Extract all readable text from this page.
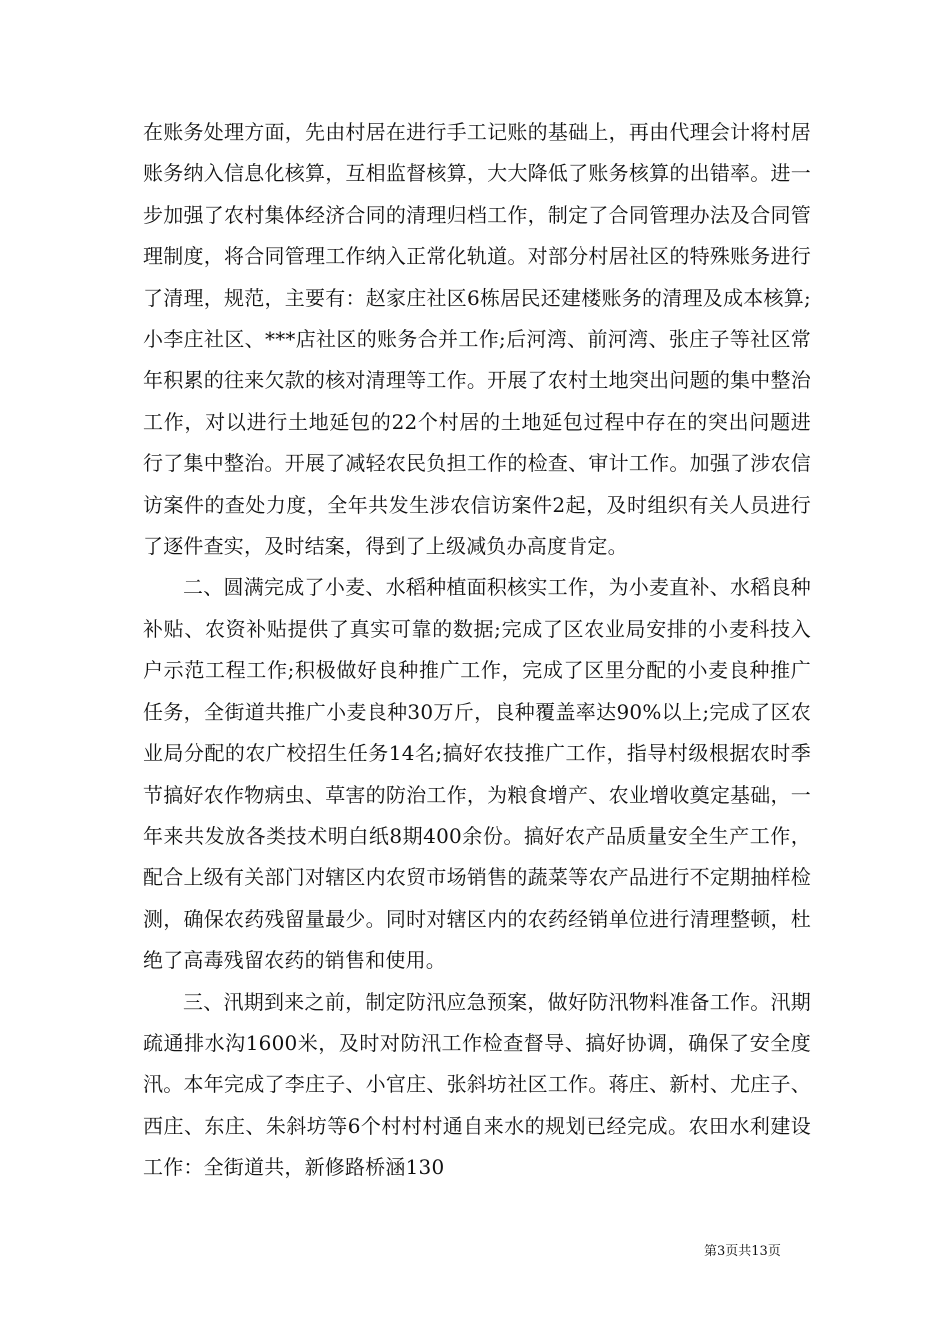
在账务处理方面，先由村居在进行手工记账的基础上，再由代理会计将村居账务纳入信息化核算，互相监督核算，大大降低了账务核算的出错率。进一步加强了农村集体经济合同的清理归档工作，制定了合同管理办法及合同管理制度，将合同管理工作纳入正常化轨道。对部分村居社区的特殊账务进行了清理，规范，主要有：赵家庄社区6栋居民还建楼账务的清理及成本核算;小李庄社区、***店社区的账务合并工作;后河湾、前河湾、张庄子等社区常年积累的往来欠款的核对清理等工作。开展了农村土地突出问题的集中整治工作，对以进行土地延包的22个村居的土地延包过程中存在的突出问题进行了集中整治。开展了减轻农民负担工作的检查、审计工作。加强了涉农信访案件的查处力度，全年共发生涉农信访案件2起，及时组织有关人员进行了逐件查实，及时结案，得到了上级减负办高度肯定。

二、圆满完成了小麦、水稻种植面积核实工作，为小麦直补、水稻良种补贴、农资补贴提供了真实可靠的数据;完成了区农业局安排的小麦科技入户示范工程工作;积极做好良种推广工作，完成了区里分配的小麦良种推广任务，全街道共推广小麦良种30万斤，良种覆盖率达90%以上;完成了区农业局分配的农广校招生任务14名;搞好农技推广工作，指导村级根据农时季节搞好农作物病虫、草害的防治工作，为粮食增产、农业增收奠定基础，一年来共发放各类技术明白纸8期400余份。搞好农产品质量安全生产工作，配合上级有关部门对辖区内农贸市场销售的蔬菜等农产品进行不定期抽样检测，确保农药残留量最少。同时对辖区内的农药经销单位进行清理整顿，杜绝了高毒残留农药的销售和使用。

三、汛期到来之前，制定防汛应急预案，做好防汛物料准备工作。汛期疏通排水沟1600米，及时对防汛工作检查督导、搞好协调，确保了安全度汛。本年完成了李庄子、小官庄、张斜坊社区工作。蒋庄、新村、尤庄子、西庄、东庄、朱斜坊等6个村村村通自来水的规划已经完成。农田水利建设工作：全街道共，新修路桥涵130

第3页共13页
